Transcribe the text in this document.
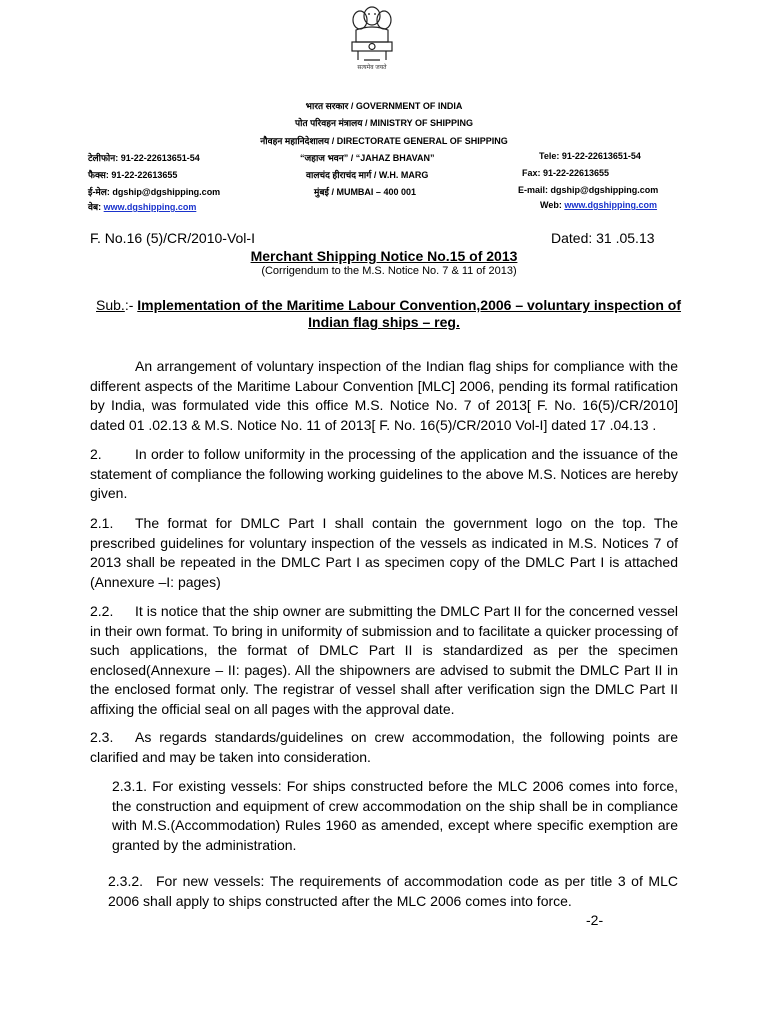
सत्यमेव जयते
भारत सरकार / GOVERNMENT OF INDIA
पोत परिवहन मंत्रालय / MINISTRY OF SHIPPING
नौवहन महानिदेशालय / DIRECTORATE GENERAL OF SHIPPING
टेलीफोन: 91-22-22613651-54
फैक्स: 91-22-22613655
ई-मेल: dgship@dgshipping.com
वेब: www.dgshipping.com
“जहाज भवन” / “JAHAZ BHAVAN”
वालचंद हीराचंद मार्ग / W.H. MARG
मुंबई / MUMBAI – 400 001
Tele: 91-22-22613651-54
Fax: 91-22-22613655
E-mail: dgship@dgshipping.com
Web: www.dgshipping.com
F. No.16 (5)/CR/2010-Vol-I	Dated: 31 .05.13
Merchant Shipping Notice No.15 of 2013
(Corrigendum to the M.S. Notice No. 7 & 11 of 2013)
Sub.:- Implementation of the Maritime Labour Convention,2006 – voluntary inspection of
Indian flag ships – reg.
An arrangement of voluntary inspection of the Indian flag ships for compliance with the different aspects of the Maritime Labour Convention [MLC] 2006, pending its formal ratification by India, was formulated vide this office M.S. Notice No. 7 of 2013[ F. No. 16(5)/CR/2010] dated 01 .02.13 & M.S. Notice No. 11 of 2013[ F. No. 16(5)/CR/2010 Vol-I] dated 17 .04.13 .
2. In order to follow uniformity in the processing of the application and the issuance of the statement of compliance the following working guidelines to the above M.S. Notices are hereby given.
2.1. The format for DMLC Part I shall contain the government logo on the top. The prescribed guidelines for voluntary inspection of the vessels as indicated in M.S. Notices 7 of 2013 shall be repeated in the DMLC Part I as specimen copy of the DMLC Part I is attached (Annexure –I: pages)
2.2. It is notice that the ship owner are submitting the DMLC Part II for the concerned vessel in their own format. To bring in uniformity of submission and to facilitate a quicker processing of such applications, the format of DMLC Part II is standardized as per the specimen enclosed(Annexure – II: pages). All the shipowners are advised to submit the DMLC Part II in the enclosed format only. The registrar of vessel shall after verification sign the DMLC Part II affixing the official seal on all pages with the approval date.
2.3. As regards standards/guidelines on crew accommodation, the following points are clarified and may be taken into consideration.
2.3.1. For existing vessels: For ships constructed before the MLC 2006 comes into force, the construction and equipment of crew accommodation on the ship shall be in compliance with M.S.(Accommodation) Rules 1960 as amended, except where specific exemption are granted by the administration.
2.3.2. For new vessels: The requirements of accommodation code as per title 3 of MLC 2006 shall apply to ships constructed after the MLC 2006 comes into force.
-2-
